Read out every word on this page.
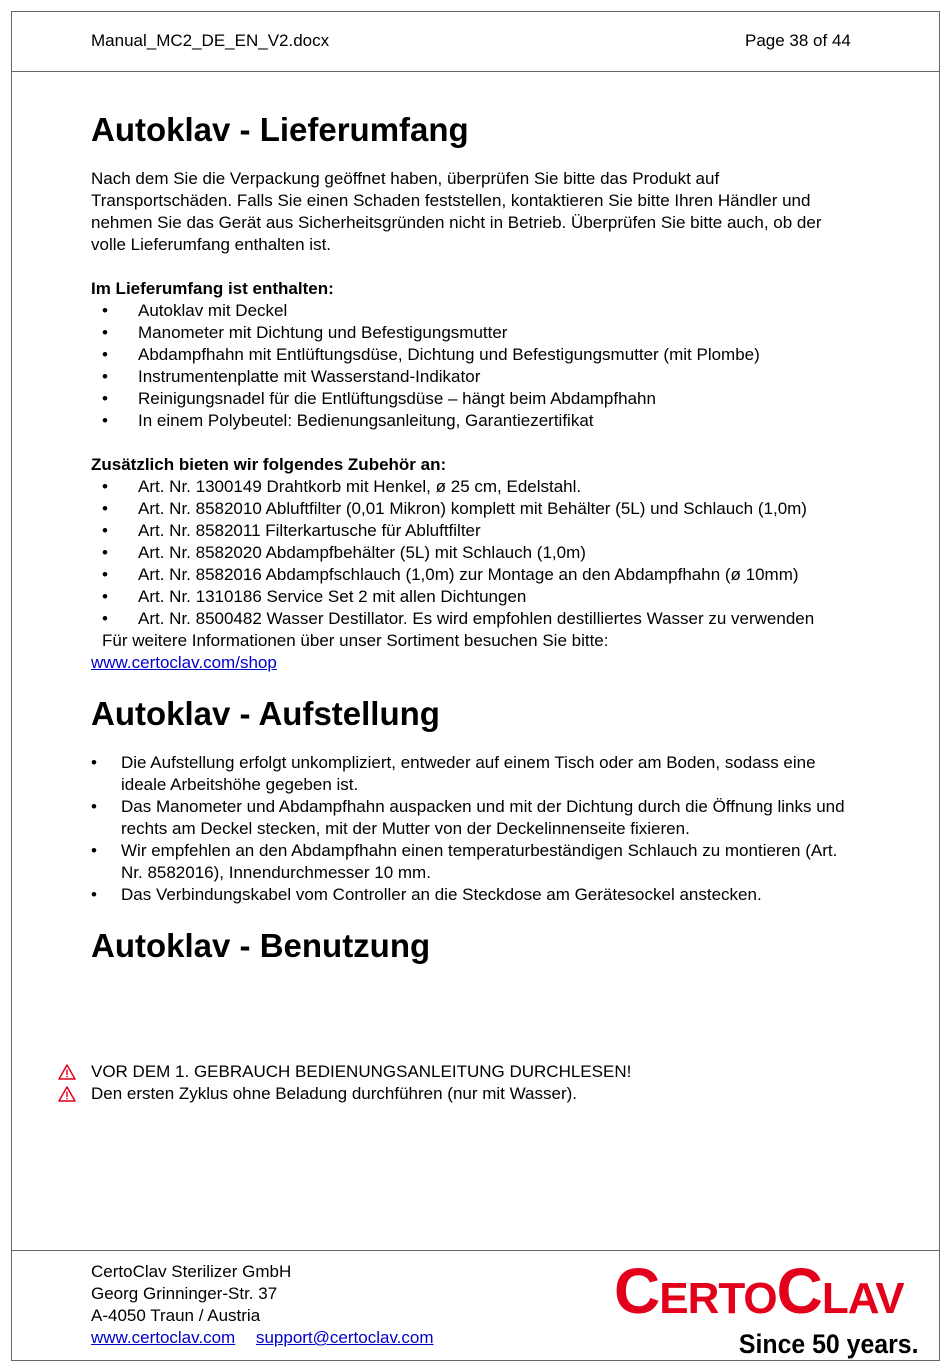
Manual_MC2_DE_EN_V2.docx	Page 38 of 44
Autoklav - Lieferumfang

Nach dem Sie die Verpackung geöffnet haben, überprüfen Sie bitte das Produkt auf Transportschäden. Falls Sie einen Schaden feststellen, kontaktieren Sie bitte Ihren Händler und nehmen Sie das Gerät aus Sicherheitsgründen nicht in Betrieb. Überprüfen Sie bitte auch, ob der volle Lieferumfang enthalten ist.

Im Lieferumfang ist enthalten:

• Autoklav mit Deckel
• Manometer mit Dichtung und Befestigungsmutter
• Abdampfhahn mit Entlüftungsdüse, Dichtung und Befestigungsmutter (mit Plombe)
• Instrumentenplatte mit Wasserstand-Indikator
• Reinigungsnadel für die Entlüftungsdüse – hängt beim Abdampfhahn
• In einem Polybeutel: Bedienungsanleitung, Garantiezertifikat

Zusätzlich bieten wir folgendes Zubehör an:

• Art. Nr. 1300149 Drahtkorb mit Henkel, ø 25 cm, Edelstahl.
• Art. Nr. 8582010 Abluftfilter (0,01 Mikron) komplett mit Behälter (5L) und Schlauch (1,0m)
• Art. Nr. 8582011 Filterkartusche für Abluftfilter
• Art. Nr. 8582020 Abdampfbehälter (5L) mit Schlauch (1,0m)
• Art. Nr. 8582016 Abdampfschlauch (1,0m) zur Montage an den Abdampfhahn (ø 10mm)
• Art. Nr. 1310186 Service Set 2 mit allen Dichtungen
• Art. Nr. 8500482 Wasser Destillator. Es wird empfohlen destilliertes Wasser zu verwenden

Für weitere Informationen über unser Sortiment besuchen Sie bitte:

www.certoclav.com/shop

Autoklav - Aufstellung
• Die Aufstellung erfolgt unkompliziert, entweder auf einem Tisch oder am Boden, sodass eine ideale Arbeitshöhe gegeben ist.
• Das Manometer und Abdampfhahn auspacken und mit der Dichtung durch die Öffnung links und rechts am Deckel stecken, mit der Mutter von der Deckelinnenseite fixieren.
• Wir empfehlen an den Abdampfhahn einen temperaturbeständigen Schlauch zu montieren (Art. Nr. 8582016), Innendurchmesser 10 mm.
• Das Verbindungskabel vom Controller an die Steckdose am Gerätesockel anstecken.
Autoklav - Benutzung
VOR DEM 1. GEBRAUCH BEDIENUNGSANLEITUNG DURCHLESEN!
Den ersten Zyklus ohne Beladung durchführen (nur mit Wasser).
CertoClav Sterilizer GmbH
Georg Grinninger-Str. 37
A-4050 Traun / Austria
www.certoclav.com support@certoclav.com
CERTOCLAV
Since 50 years.
